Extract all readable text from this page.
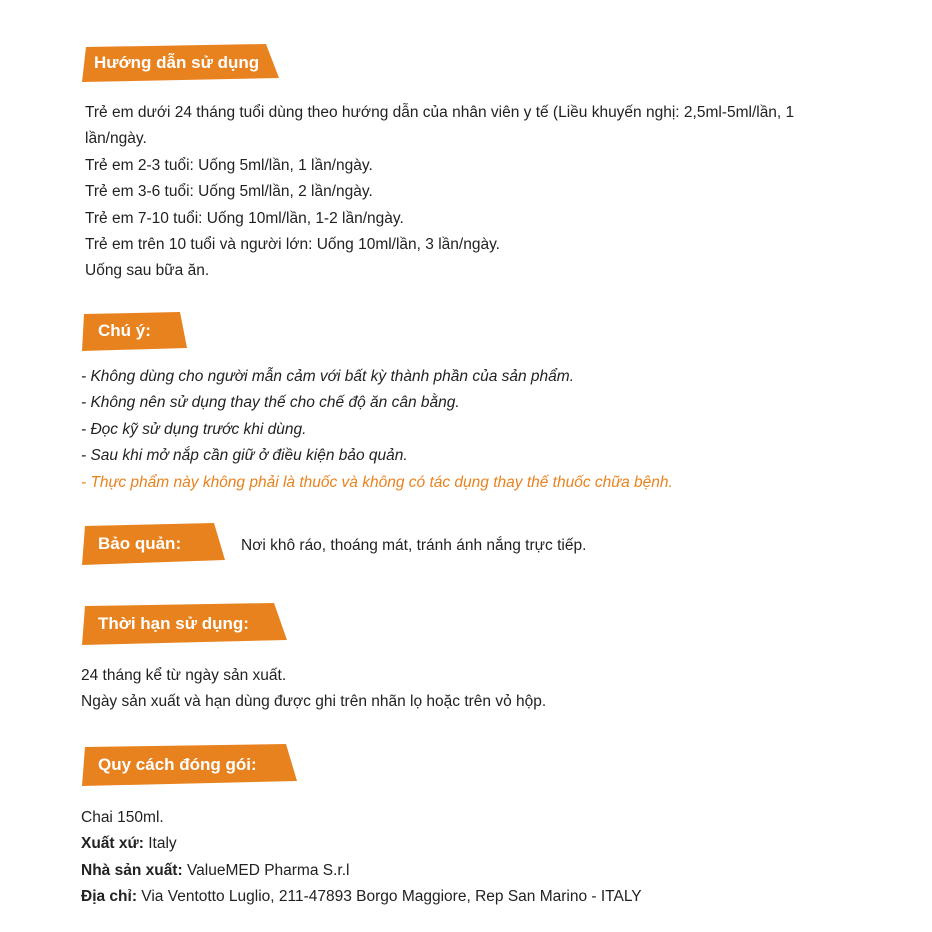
Hướng dẫn sử dụng
Trẻ em dưới 24 tháng tuổi dùng theo hướng dẫn của nhân viên y tế (Liều khuyến nghị: 2,5ml-5ml/lần, 1
lần/ngày.
Trẻ em 2-3 tuổi: Uống 5ml/lần, 1 lần/ngày.
Trẻ em 3-6 tuổi: Uống 5ml/lần, 2 lần/ngày.
Trẻ em 7-10 tuổi: Uống 10ml/lần, 1-2 lần/ngày.
Trẻ em trên 10 tuổi và người lớn: Uống 10ml/lần, 3 lần/ngày.
Uống sau bữa ăn.
Chú ý:
- Không dùng cho người mẫn cảm với bất kỳ thành phần của sản phẩm.
- Không nên sử dụng thay thế cho chế độ ăn cân bằng.
- Đọc kỹ sử dụng trước khi dùng.
- Sau khi mở nắp cần giữ ở điều kiện bảo quản.
- Thực phẩm này không phải là thuốc và không có tác dụng thay thế thuốc chữa bệnh.
Bảo quản:	Nơi khô ráo, thoáng mát, tránh ánh nắng trực tiếp.
Thời hạn sử dụng:
24 tháng kể từ ngày sản xuất.
Ngày sản xuất và hạn dùng được ghi trên nhãn lọ hoặc trên vỏ hộp.
Quy cách đóng gói:
Chai 150ml.
Xuất xứ: Italy
Nhà sản xuất: ValueMED Pharma S.r.l
Địa chỉ: Via Ventotto Luglio, 211-47893 Borgo Maggiore, Rep San Marino - ITALY
